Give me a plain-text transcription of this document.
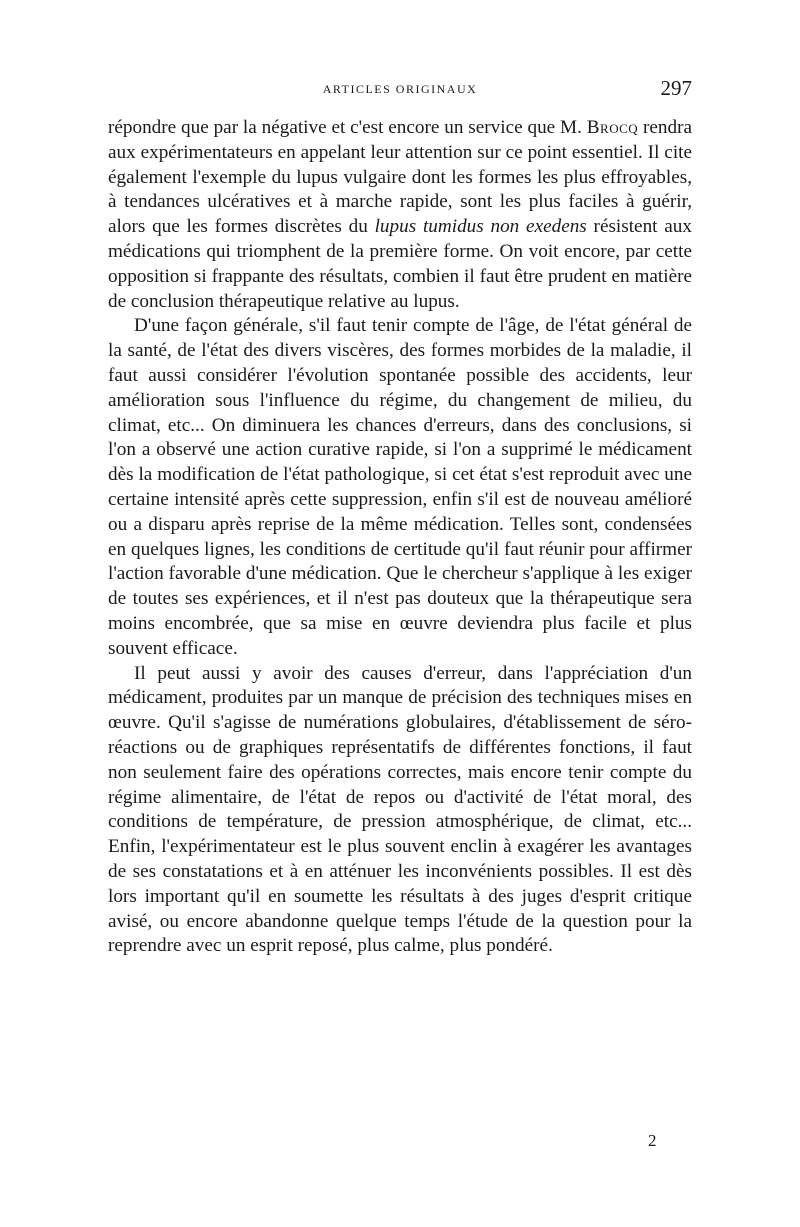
ARTICLES ORIGINAUX	297

répondre que par la négative et c'est encore un service que M. Brocq rendra aux expérimentateurs en appelant leur attention sur ce point essentiel. Il cite également l'exemple du lupus vulgaire dont les formes les plus effroyables, à tendances ulcératives et à marche rapide, sont les plus faciles à guérir, alors que les formes discrètes du lupus tumidus non exedens résistent aux médications qui triomphent de la première forme. On voit encore, par cette opposition si frappante des résultats, combien il faut être prudent en matière de conclusion thérapeutique relative au lupus.

D'une façon générale, s'il faut tenir compte de l'âge, de l'état général de la santé, de l'état des divers viscères, des formes morbides de la maladie, il faut aussi considérer l'évolution spontanée possible des accidents, leur amélioration sous l'influence du régime, du changement de milieu, du climat, etc... On diminuera les chances d'erreurs, dans des conclusions, si l'on a observé une action curative rapide, si l'on a supprimé le médicament dès la modification de l'état pathologique, si cet état s'est reproduit avec une certaine intensité après cette suppression, enfin s'il est de nouveau amélioré ou a disparu après reprise de la même médication. Telles sont, condensées en quelques lignes, les conditions de certitude qu'il faut réunir pour affirmer l'action favorable d'une médication. Que le chercheur s'applique à les exiger de toutes ses expériences, et il n'est pas douteux que la thérapeutique sera moins encombrée, que sa mise en œuvre deviendra plus facile et plus souvent efficace.

Il peut aussi y avoir des causes d'erreur, dans l'appréciation d'un médicament, produites par un manque de précision des techniques mises en œuvre. Qu'il s'agisse de numérations globulaires, d'établissement de séro-réactions ou de graphiques représentatifs de différentes fonctions, il faut non seulement faire des opérations correctes, mais encore tenir compte du régime alimentaire, de l'état de repos ou d'activité de l'état moral, des conditions de température, de pression atmosphérique, de climat, etc... Enfin, l'expérimentateur est le plus souvent enclin à exagérer les avantages de ses constatations et à en atténuer les inconvénients possibles. Il est dès lors important qu'il en soumette les résultats à des juges d'esprit critique avisé, ou encore abandonne quelque temps l'étude de la question pour la reprendre avec un esprit reposé, plus calme, plus pondéré.

2
